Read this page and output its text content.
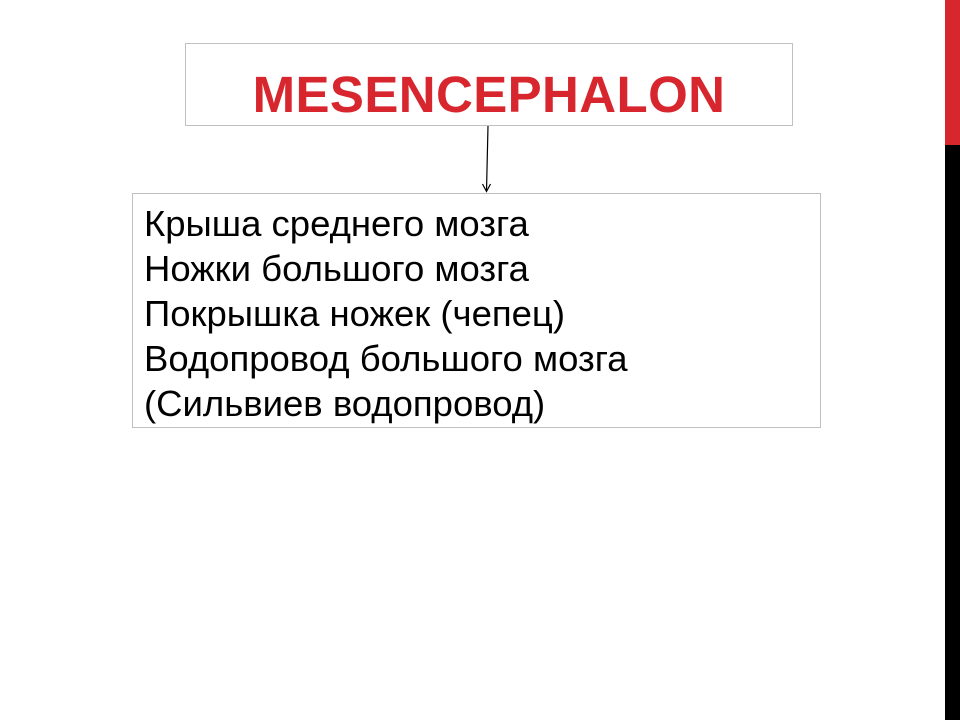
MESENCEPHALON
Крыша среднего мозга
Ножки большого мозга
Покрышка ножек (чепец)
Водопровод большого мозга
(Сильвиев водопровод)
